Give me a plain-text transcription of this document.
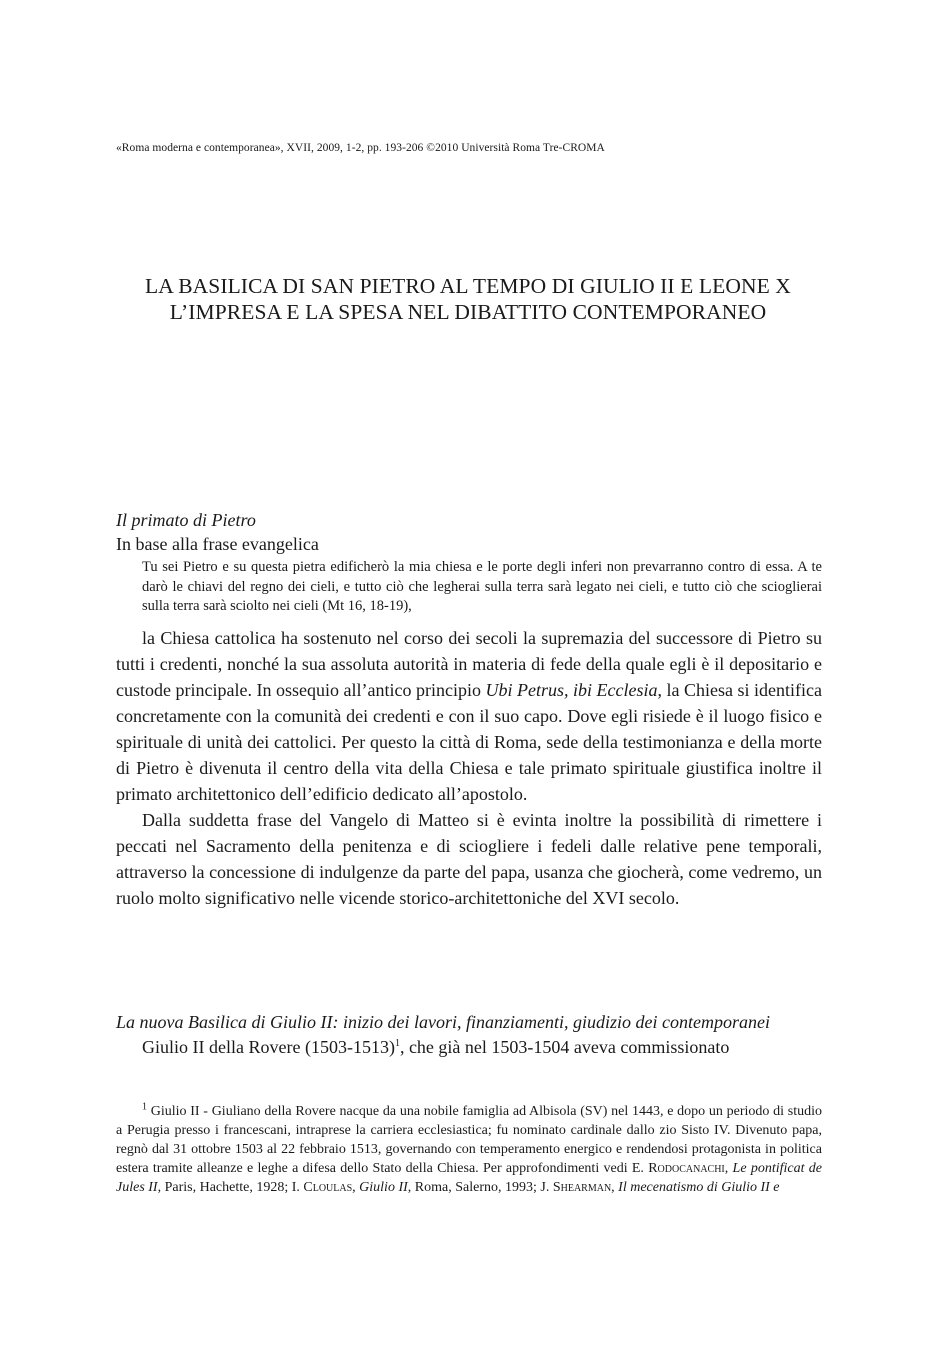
«Roma moderna e contemporanea», XVII, 2009, 1-2, pp. 193-206 ©2010 Università Roma Tre-CROMA
LA BASILICA DI SAN PIETRO AL TEMPO DI GIULIO II E LEONE X
L’IMPRESA E LA SPESA NEL DIBATTITO CONTEMPORANEO
Il primato di Pietro
In base alla frase evangelica
Tu sei Pietro e su questa pietra edificherò la mia chiesa e le porte degli inferi non prevarranno contro di essa. A te darò le chiavi del regno dei cieli, e tutto ciò che legherai sulla terra sarà legato nei cieli, e tutto ciò che scioglierai sulla terra sarà sciolto nei cieli (Mt 16, 18-19),

la Chiesa cattolica ha sostenuto nel corso dei secoli la supremazia del successore di Pietro su tutti i credenti, nonché la sua assoluta autorità in materia di fede della quale egli è il depositario e custode principale. In ossequio all’antico principio Ubi Petrus, ibi Ecclesia, la Chiesa si identifica concretamente con la comunità dei credenti e con il suo capo. Dove egli risiede è il luogo fisico e spirituale di unità dei cattolici. Per questo la città di Roma, sede della testimonianza e della morte di Pietro è divenuta il centro della vita della Chiesa e tale primato spirituale giustifica inoltre il primato architettonico dell’edificio dedicato all’apostolo.

Dalla suddetta frase del Vangelo di Matteo si è evinta inoltre la possibilità di rimettere i peccati nel Sacramento della penitenza e di sciogliere i fedeli dalle relative pene temporali, attraverso la concessione di indulgenze da parte del papa, usanza che giocherà, come vedremo, un ruolo molto significativo nelle vicende storico-architettoniche del XVI secolo.

La nuova Basilica di Giulio II: inizio dei lavori, finanziamenti, giudizio dei contemporanei

Giulio II della Rovere (1503-1513)$^1$, che già nel 1503-1504 aveva commissionato

$^1$ Giulio II - Giuliano della Rovere nacque da una nobile famiglia ad Albisola (SV) nel 1443, e dopo un periodo di studio a Perugia presso i francescani, intraprese la carriera ecclesiastica; fu nominato cardinale dallo zio Sisto IV. Divenuto papa, regnò dal 31 ottobre 1503 al 22 febbraio 1513, governando con temperamento energico e rendendosi protagonista in politica estera tramite alleanze e leghe a difesa dello Stato della Chiesa. Per approfondimenti vedi E. Rodocanachi, Le pontificat de Jules II, Paris, Hachette, 1928; I. Cloulas, Giulio II, Roma, Salerno, 1993; J. Shearman, Il mecenatismo di Giulio II e
